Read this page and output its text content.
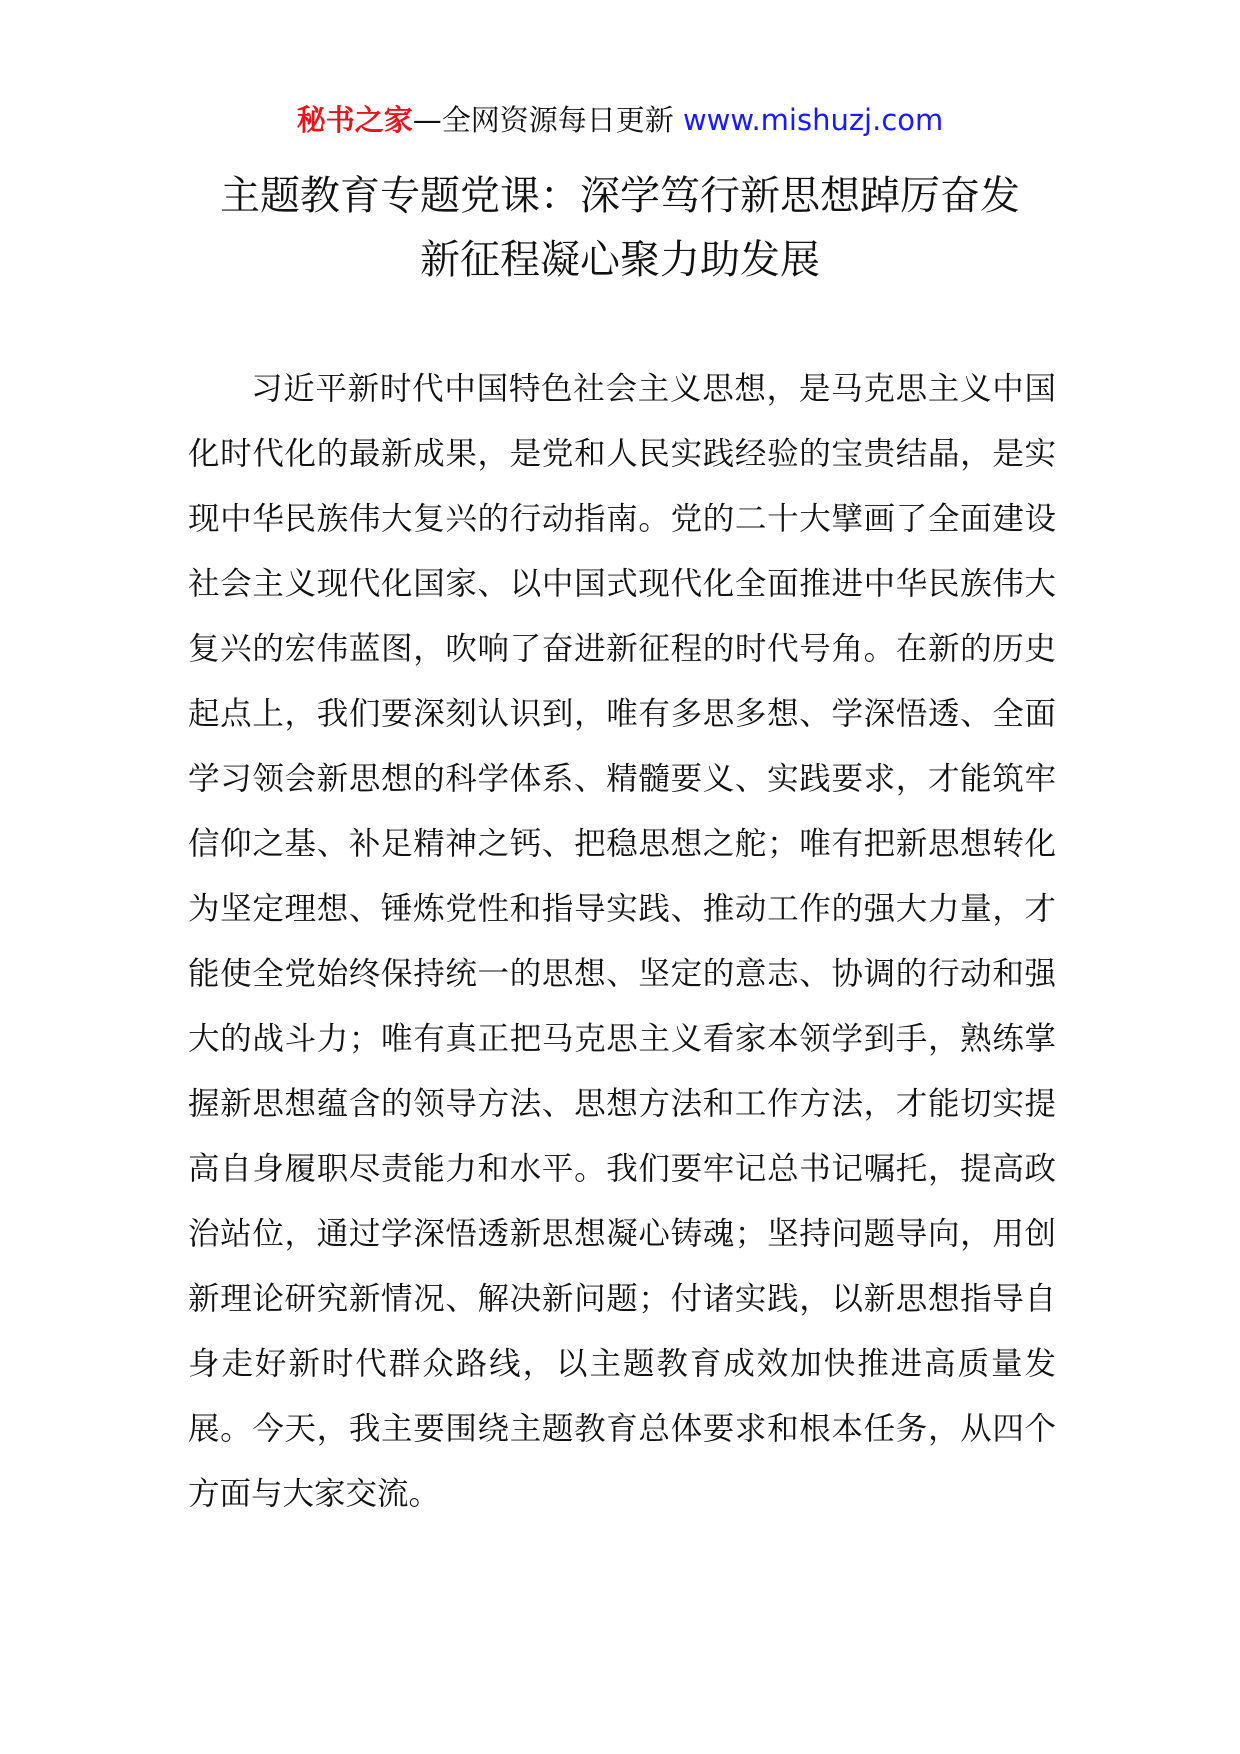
秘书之家—全网资源每日更新 www.mishuzj.com
主题教育专题党课：深学笃行新思想踔厉奋发
新征程凝心聚力助发展

习近平新时代中国特色社会主义思想，是马克思主义中国化时代化的最新成果，是党和人民实践经验的宝贵结晶，是实现中华民族伟大复兴的行动指南。党的二十大擘画了全面建设社会主义现代化国家、以中国式现代化全面推进中华民族伟大复兴的宏伟蓝图，吹响了奋进新征程的时代号角。在新的历史起点上，我们要深刻认识到，唯有多思多想、学深悟透、全面学习领会新思想的科学体系、精髓要义、实践要求，才能筑牢信仰之基、补足精神之钙、把稳思想之舵；唯有把新思想转化为坚定理想、锤炼党性和指导实践、推动工作的强大力量，才能使全党始终保持统一的思想、坚定的意志、协调的行动和强大的战斗力；唯有真正把马克思主义看家本领学到手，熟练掌握新思想蕴含的领导方法、思想方法和工作方法，才能切实提高自身履职尽责能力和水平。我们要牢记总书记嘱托，提高政治站位，通过学深悟透新思想凝心铸魂；坚持问题导向，用创新理论研究新情况、解决新问题；付诸实践，以新思想指导自身走好新时代群众路线，以主题教育成效加快推进高质量发展。今天，我主要围绕主题教育总体要求和根本任务，从四个方面与大家交流。
